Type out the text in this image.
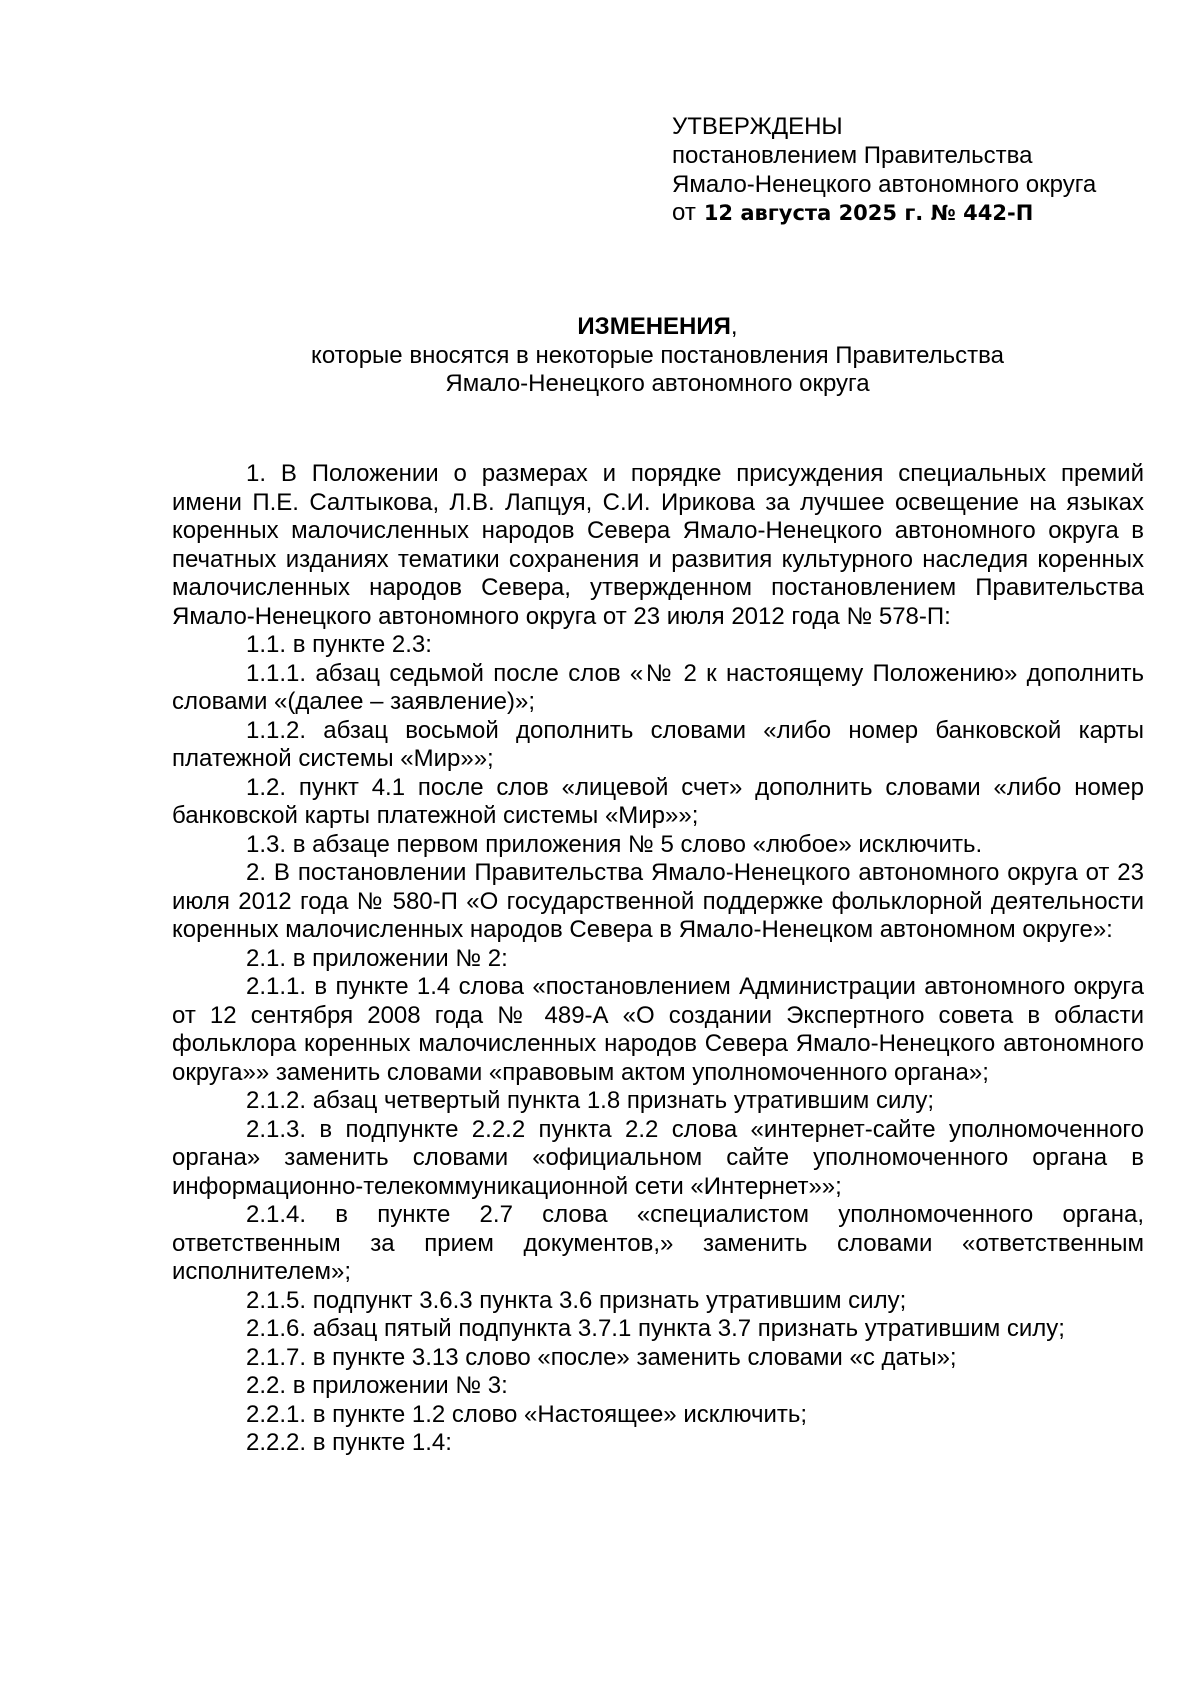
УТВЕРЖДЕНЫ

постановлением Правительства

Ямало-Ненецкого автономного округа

от 12 августа 2025 г. № 442-П

ИЗМЕНЕНИЯ,

которые вносятся в некоторые постановления Правительства

Ямало-Ненецкого автономного округа

1. В Положении о размерах и порядке присуждения специальных премий имени П.Е. Салтыкова, Л.В. Лапцуя, С.И. Ирикова за лучшее освещение на языках коренных малочисленных народов Севера Ямало-Ненецкого автономного округа в печатных изданиях тематики сохранения и развития культурного наследия коренных малочисленных народов Севера, утвержденном постановлением Правительства Ямало-Ненецкого автономного округа от 23 июля 2012 года № 578-П:

1.1. в пункте 2.3:

1.1.1. абзац седьмой после слов «№ 2 к настоящему Положению» дополнить словами «(далее – заявление)»;

1.1.2. абзац восьмой дополнить словами «либо номер банковской карты платежной системы «Мир»»;

1.2. пункт 4.1 после слов «лицевой счет» дополнить словами «либо номер банковской карты платежной системы «Мир»»;

1.3. в абзаце первом приложения № 5 слово «любое» исключить.

2. В постановлении Правительства Ямало-Ненецкого автономного округа от 23 июля 2012 года № 580-П «О государственной поддержке фольклорной деятельности коренных малочисленных народов Севера в Ямало-Ненецком автономном округе»:

2.1. в приложении № 2:

2.1.1. в пункте 1.4 слова «постановлением Администрации автономного округа от 12 сентября 2008 года № 489-А «О создании Экспертного совета в области фольклора коренных малочисленных народов Севера Ямало-Ненецкого автономного округа»» заменить словами «правовым актом уполномоченного органа»;

2.1.2. абзац четвертый пункта 1.8 признать утратившим силу;

2.1.3. в подпункте 2.2.2 пункта 2.2 слова «интернет-сайте уполномоченного органа» заменить словами «официальном сайте уполномоченного органа в информационно-телекоммуникационной сети «Интернет»»;

2.1.4. в пункте 2.7 слова «специалистом уполномоченного органа, ответственным за прием документов,» заменить словами «ответственным исполнителем»;

2.1.5. подпункт 3.6.3 пункта 3.6 признать утратившим силу;

2.1.6. абзац пятый подпункта 3.7.1 пункта 3.7 признать утратившим силу;

2.1.7. в пункте 3.13 слово «после» заменить словами «с даты»;

2.2. в приложении № 3:

2.2.1. в пункте 1.2 слово «Настоящее» исключить;

2.2.2. в пункте 1.4:
